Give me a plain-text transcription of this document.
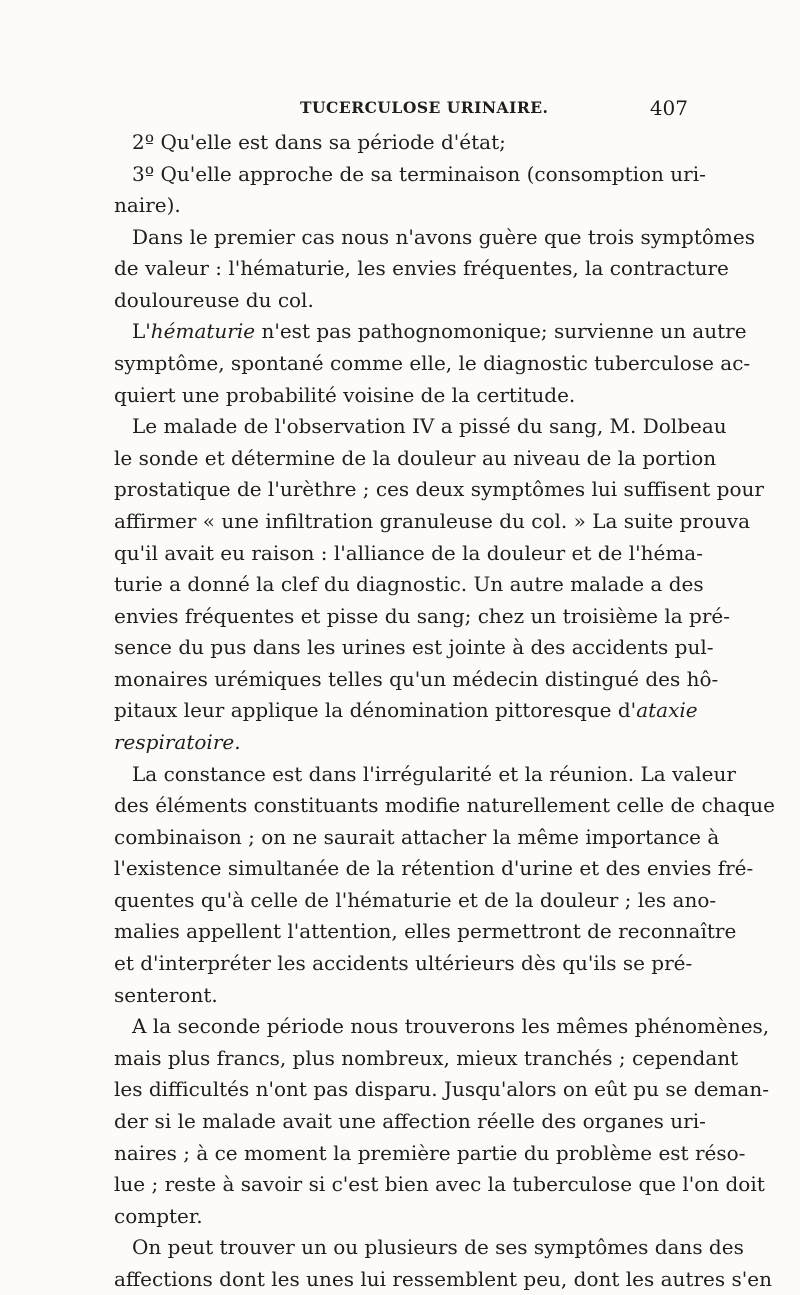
TUCERCULOSE URINAIRE.	407
2º Qu'elle est dans sa période d'état;
3º Qu'elle approche de sa terminaison (consomption uri-
naire).
Dans le premier cas nous n'avons guère que trois symptômes
de valeur : l'hématurie, les envies fréquentes, la contracture
douloureuse du col.
L'hématurie n'est pas pathognomonique; survienne un autre
symptôme, spontané comme elle, le diagnostic tuberculose ac-
quiert une probabilité voisine de la certitude.
Le malade de l'observation IV a pissé du sang, M. Dolbeau
le sonde et détermine de la douleur au niveau de la portion
prostatique de l'urèthre ; ces deux symptômes lui suffisent pour
affirmer « une infiltration granuleuse du col. » La suite prouva
qu'il avait eu raison : l'alliance de la douleur et de l'héma-
turie a donné la clef du diagnostic. Un autre malade a des
envies fréquentes et pisse du sang; chez un troisième la pré-
sence du pus dans les urines est jointe à des accidents pul-
monaires urémiques telles qu'un médecin distingué des hô-
pitaux leur applique la dénomination pittoresque d'ataxie
respiratoire.
La constance est dans l'irrégularité et la réunion. La valeur
des éléments constituants modifie naturellement celle de chaque
combinaison ; on ne saurait attacher la même importance à
l'existence simultanée de la rétention d'urine et des envies fré-
quentes qu'à celle de l'hématurie et de la douleur ; les ano-
malies appellent l'attention, elles permettront de reconnaître
et d'interpréter les accidents ultérieurs dès qu'ils se pré-
senteront.
A la seconde période nous trouverons les mêmes phénomènes,
mais plus francs, plus nombreux, mieux tranchés ; cependant
les difficultés n'ont pas disparu. Jusqu'alors on eût pu se deman-
der si le malade avait une affection réelle des organes uri-
naires ; à ce moment la première partie du problème est réso-
lue ; reste à savoir si c'est bien avec la tuberculose que l'on doit
compter.
On peut trouver un ou plusieurs de ses symptômes dans des
affections dont les unes lui ressemblent peu, dont les autres s'en
